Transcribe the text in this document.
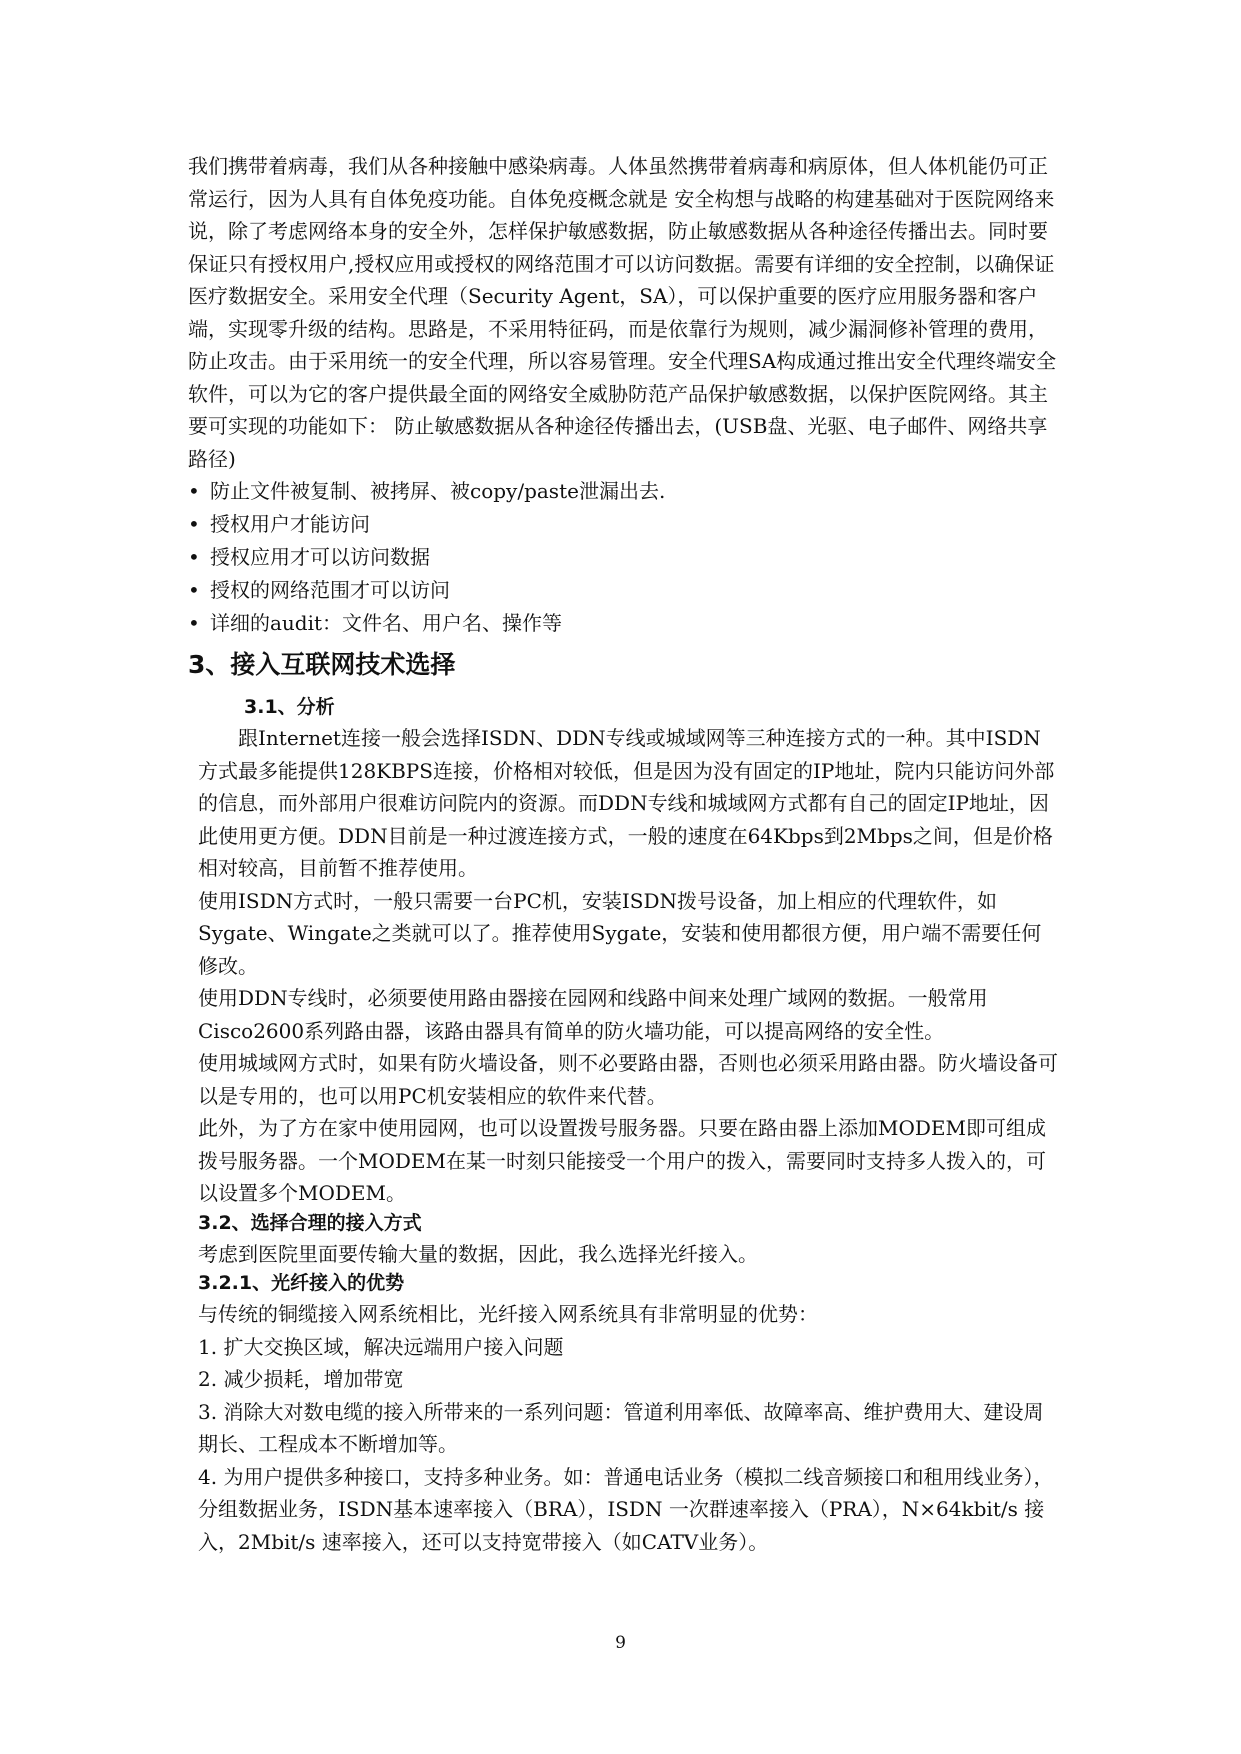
我们携带着病毒，我们从各种接触中感染病毒。人体虽然携带着病毒和病原体，但人体机能仍可正常运行，因为人具有自体免疫功能。自体免疫概念就是 安全构想与战略的构建基础对于医院网络来说，除了考虑网络本身的安全外，怎样保护敏感数据，防止敏感数据从各种途径传播出去。同时要保证只有授权用户,授权应用或授权的网络范围才可以访问数据。需要有详细的安全控制，以确保证医疗数据安全。采用安全代理（Security Agent，SA），可以保护重要的医疗应用服务器和客户端，实现零升级的结构。思路是，不采用特征码，而是依靠行为规则，减少漏洞修补管理的费用，防止攻击。由于采用统一的安全代理，所以容易管理。安全代理SA构成通过推出安全代理终端安全软件，可以为它的客户提供最全面的网络安全威胁防范产品保护敏感数据，以保护医院网络。其主要可实现的功能如下： 防止敏感数据从各种途径传播出去，(USB盘、光驱、电子邮件、网络共享路径)

• 防止文件被复制、被拷屏、被copy/paste泄漏出去.
• 授权用户才能访问
• 授权应用才可以访问数据
• 授权的网络范围才可以访问
• 详细的audit：文件名、用户名、操作等
3、接入互联网技术选择
3.1、分析

跟Internet连接一般会选择ISDN、DDN专线或城域网等三种连接方式的一种。其中ISDN方式最多能提供128KBPS连接，价格相对较低，但是因为没有固定的IP地址，院内只能访问外部的信息，而外部用户很难访问院内的资源。而DDN专线和城域网方式都有自己的固定IP地址，因此使用更方便。DDN目前是一种过渡连接方式，一般的速度在64Kbps到2Mbps之间，但是价格相对较高，目前暂不推荐使用。

使用ISDN方式时，一般只需要一台PC机，安装ISDN拨号设备，加上相应的代理软件，如Sygate、Wingate之类就可以了。推荐使用Sygate，安装和使用都很方便，用户端不需要任何修改。

使用DDN专线时，必须要使用路由器接在园网和线路中间来处理广域网的数据。一般常用Cisco2600系列路由器，该路由器具有简单的防火墙功能，可以提高网络的安全性。

使用城域网方式时，如果有防火墙设备，则不必要路由器，否则也必须采用路由器。防火墙设备可以是专用的，也可以用PC机安装相应的软件来代替。

此外，为了方在家中使用园网，也可以设置拨号服务器。只要在路由器上添加MODEM即可组成拨号服务器。一个MODEM在某一时刻只能接受一个用户的拨入，需要同时支持多人拨入的，可以设置多个MODEM。

3.2、选择合理的接入方式

考虑到医院里面要传输大量的数据，因此，我么选择光纤接入。

3.2.1、光纤接入的优势

与传统的铜缆接入网系统相比，光纤接入网系统具有非常明显的优势：

1. 扩大交换区域，解决远端用户接入问题

2. 减少损耗，增加带宽

3. 消除大对数电缆的接入所带来的一系列问题：管道利用率低、故障率高、维护费用大、建设周期长、工程成本不断增加等。

4. 为用户提供多种接口，支持多种业务。如：普通电话业务（模拟二线音频接口和租用线业务），分组数据业务，ISDN基本速率接入（BRA），ISDN 一次群速率接入（PRA），N×64kbit/s 接入，2Mbit/s 速率接入，还可以支持宽带接入（如CATV业务）。

9
